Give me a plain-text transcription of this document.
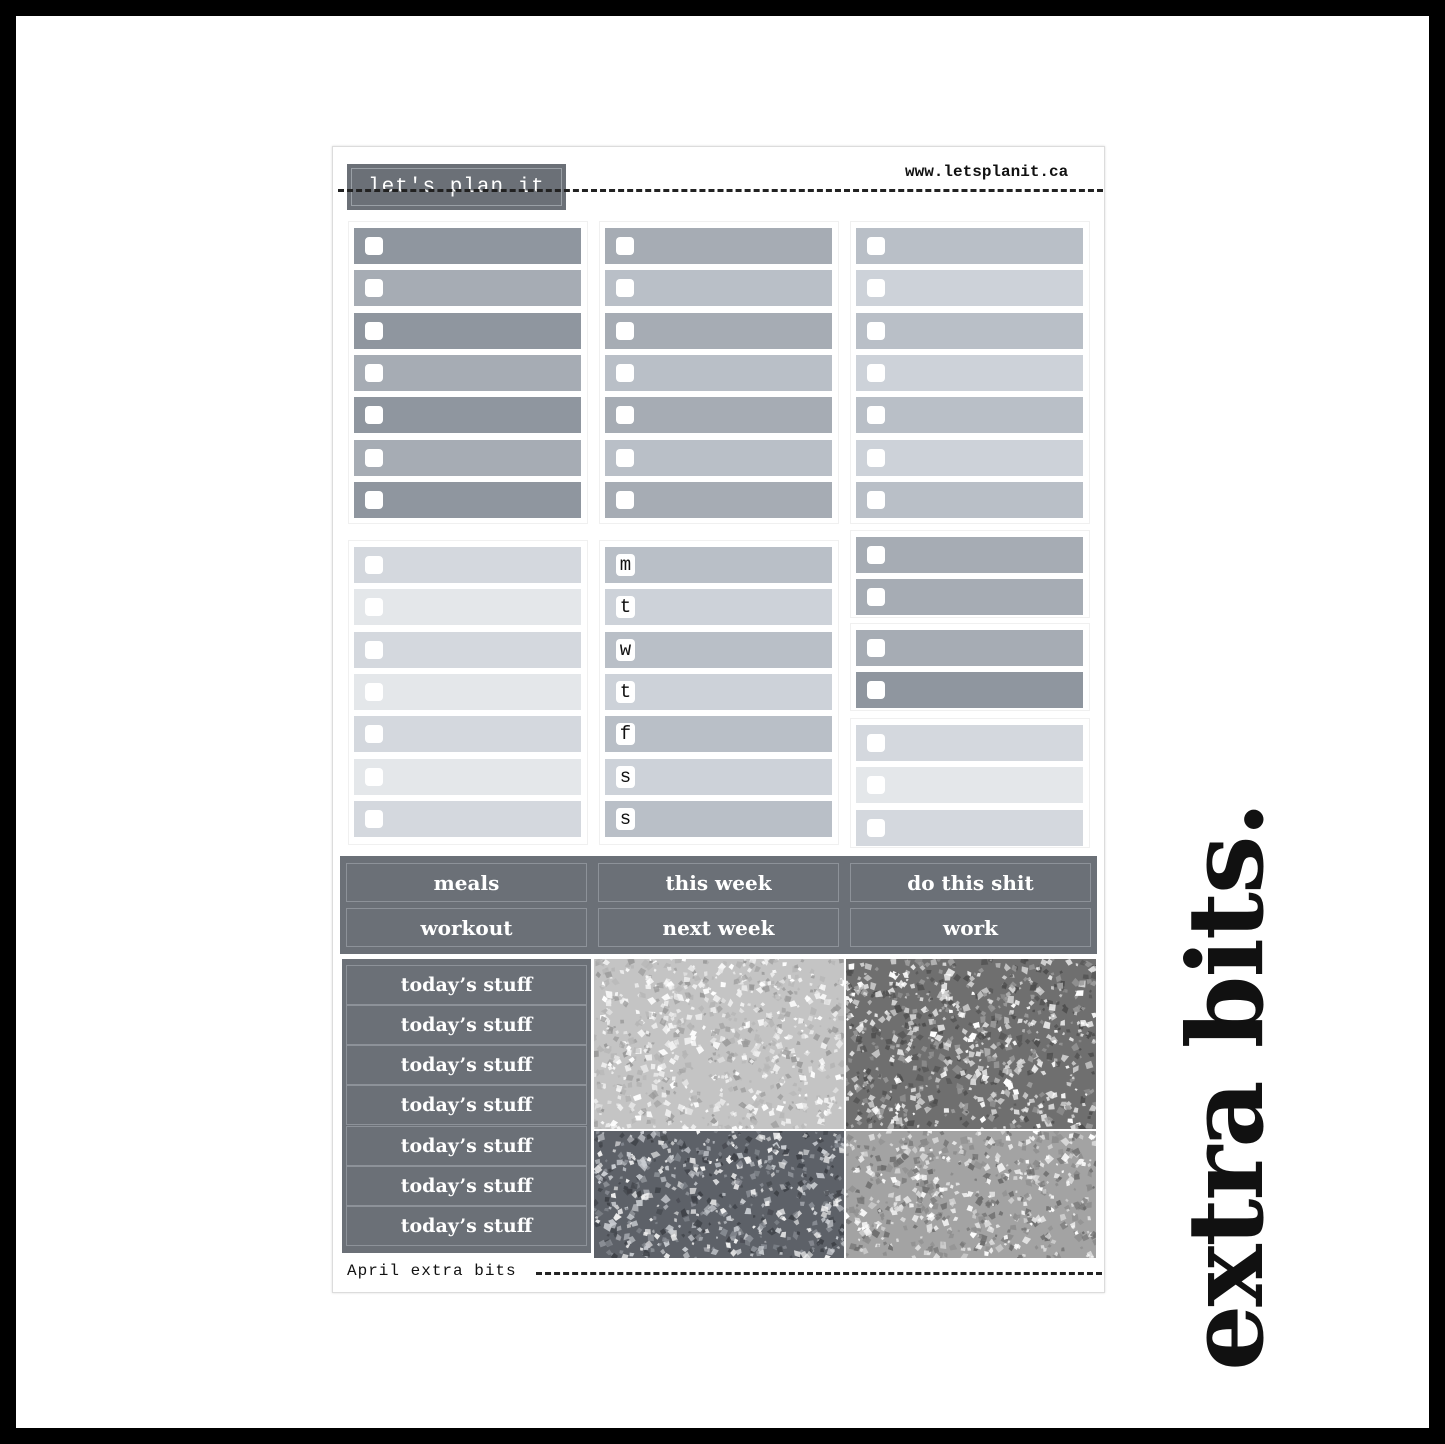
let's plan it
www.letsplanit.ca
m
t
w
t
f
s
s
meals	this week	do this shit
workout	next week	work
today’s stuff
today’s stuff
today’s stuff
today’s stuff
today’s stuff
today’s stuff
today’s stuff
April extra bits	extra bits.
